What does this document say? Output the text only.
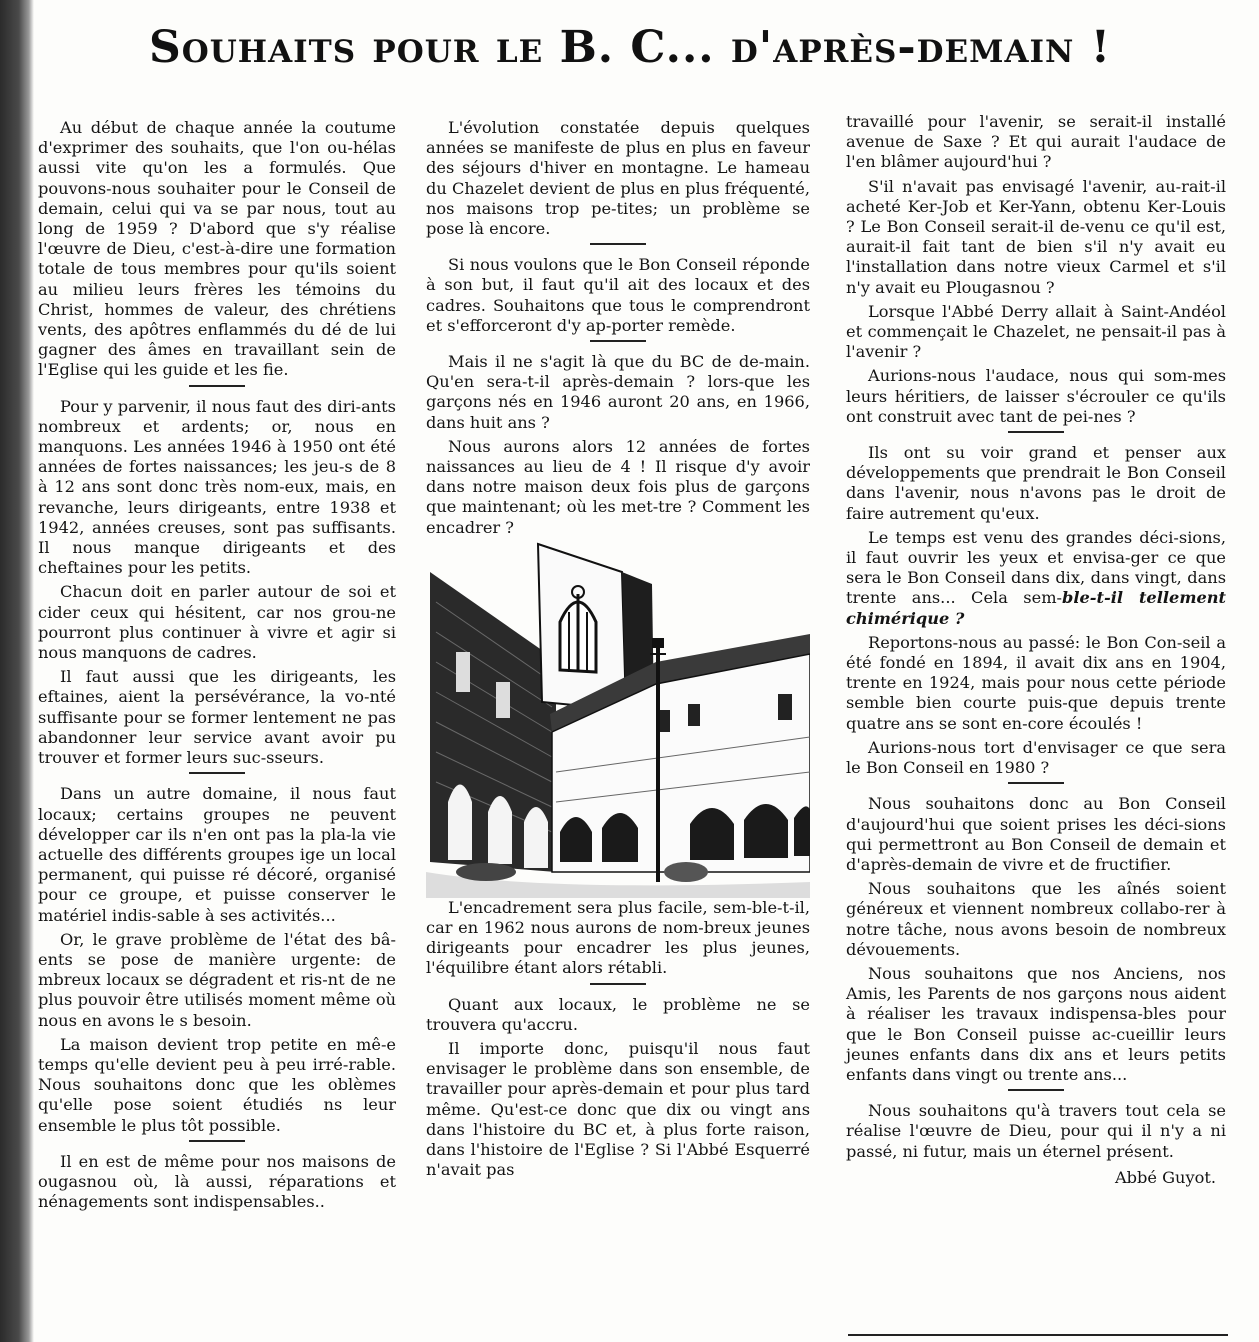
Souhaits pour le B. C... d'après-demain !

Au début de chaque année la coutume d'exprimer des souhaits, que l'on ou-hélas aussi vite qu'on les a formulés. Que pouvons-nous souhaiter pour le Conseil de demain, celui qui va se par nous, tout au long de 1959 ? D'abord que s'y réalise l'œuvre de Dieu, c'est-à-dire une formation totale de tous membres pour qu'ils soient au milieu leurs frères les témoins du Christ, hommes de valeur, des chrétiens vents, des apôtres enflammés du dé de lui gagner des âmes en travaillant sein de l'Eglise qui les guide et les fie.

Pour y parvenir, il nous faut des diri-ants nombreux et ardents; or, nous en manquons. Les années 1946 à 1950 ont été années de fortes naissances; les jeu-s de 8 à 12 ans sont donc très nom-eux, mais, en revanche, leurs dirigeants, entre 1938 et 1942, années creuses, sont pas suffisants. Il nous manque dirigeants et des cheftaines pour les petits.

Chacun doit en parler autour de soi et cider ceux qui hésitent, car nos grou-ne pourront plus continuer à vivre et agir si nous manquons de cadres.

Il faut aussi que les dirigeants, les eftaines, aient la persévérance, la vo-nté suffisante pour se former lentement ne pas abandonner leur service avant avoir pu trouver et former leurs suc-sseurs.

Dans un autre domaine, il nous faut locaux; certains groupes ne peuvent développer car ils n'en ont pas la pla-la vie actuelle des différents groupes ige un local permanent, qui puisse ré décoré, organisé pour ce groupe, et puisse conserver le matériel indis-sable à ses activités...

Or, le grave problème de l'état des bâ-ents se pose de manière urgente: de mbreux locaux se dégradent et ris-nt de ne plus pouvoir être utilisés moment même où nous en avons le s besoin.

La maison devient trop petite en mê-e temps qu'elle devient peu à peu irré-rable. Nous souhaitons donc que les oblèmes qu'elle pose soient étudiés ns leur ensemble le plus tôt possible.

Il en est de même pour nos maisons de ougasnou où, là aussi, réparations et nénagements sont indispensables..

L'évolution constatée depuis quelques années se manifeste de plus en plus en faveur des séjours d'hiver en montagne. Le hameau du Chazelet devient de plus en plus fréquenté, nos maisons trop pe-tites; un problème se pose là encore.

Si nous voulons que le Bon Conseil réponde à son but, il faut qu'il ait des locaux et des cadres. Souhaitons que tous le comprendront et s'efforceront d'y ap-porter remède.

Mais il ne s'agit là que du BC de de-main. Qu'en sera-t-il après-demain ? lors-que les garçons nés en 1946 auront 20 ans, en 1966, dans huit ans ?

Nous aurons alors 12 années de fortes naissances au lieu de 4 ! Il risque d'y avoir dans notre maison deux fois plus de garçons que maintenant; où les met-tre ? Comment les encadrer ?

L'encadrement sera plus facile, sem-ble-t-il, car en 1962 nous aurons de nom-breux jeunes dirigeants pour encadrer les plus jeunes, l'équilibre étant alors rétabli.

Quant aux locaux, le problème ne se trouvera qu'accru.

Il importe donc, puisqu'il nous faut envisager le problème dans son ensemble, de travailler pour après-demain et pour plus tard même. Qu'est-ce donc que dix ou vingt ans dans l'histoire du BC et, à plus forte raison, dans l'histoire de l'Eglise ? Si l'Abbé Esquerré n'avait pas

travaillé pour l'avenir, se serait-il installé avenue de Saxe ? Et qui aurait l'audace de l'en blâmer aujourd'hui ?

S'il n'avait pas envisagé l'avenir, au-rait-il acheté Ker-Job et Ker-Yann, obtenu Ker-Louis ? Le Bon Conseil serait-il de-venu ce qu'il est, aurait-il fait tant de bien s'il n'y avait eu l'installation dans notre vieux Carmel et s'il n'y avait eu Plougasnou ?

Lorsque l'Abbé Derry allait à Saint-Andéol et commençait le Chazelet, ne pensait-il pas à l'avenir ?

Aurions-nous l'audace, nous qui som-mes leurs héritiers, de laisser s'écrouler ce qu'ils ont construit avec tant de pei-nes ?

Ils ont su voir grand et penser aux développements que prendrait le Bon Conseil dans l'avenir, nous n'avons pas le droit de faire autrement qu'eux.

Le temps est venu des grandes déci-sions, il faut ouvrir les yeux et envisa-ger ce que sera le Bon Conseil dans dix, dans vingt, dans trente ans... Cela sem-ble-t-il tellement chimérique ?

Reportons-nous au passé: le Bon Con-seil a été fondé en 1894, il avait dix ans en 1904, trente en 1924, mais pour nous cette période semble bien courte puis-que depuis trente quatre ans se sont en-core écoulés !

Aurions-nous tort d'envisager ce que sera le Bon Conseil en 1980 ?

Nous souhaitons donc au Bon Conseil d'aujourd'hui que soient prises les déci-sions qui permettront au Bon Conseil de demain et d'après-demain de vivre et de fructifier.

Nous souhaitons que les aînés soient généreux et viennent nombreux collabo-rer à notre tâche, nous avons besoin de nombreux dévouements.

Nous souhaitons que nos Anciens, nos Amis, les Parents de nos garçons nous aident à réaliser les travaux indispensa-bles pour que le Bon Conseil puisse ac-cueillir leurs jeunes enfants dans dix ans et leurs petits enfants dans vingt ou trente ans...

Nous souhaitons qu'à travers tout cela se réalise l'œuvre de Dieu, pour qui il n'y a ni passé, ni futur, mais un éternel présent.

Abbé Guyot.
